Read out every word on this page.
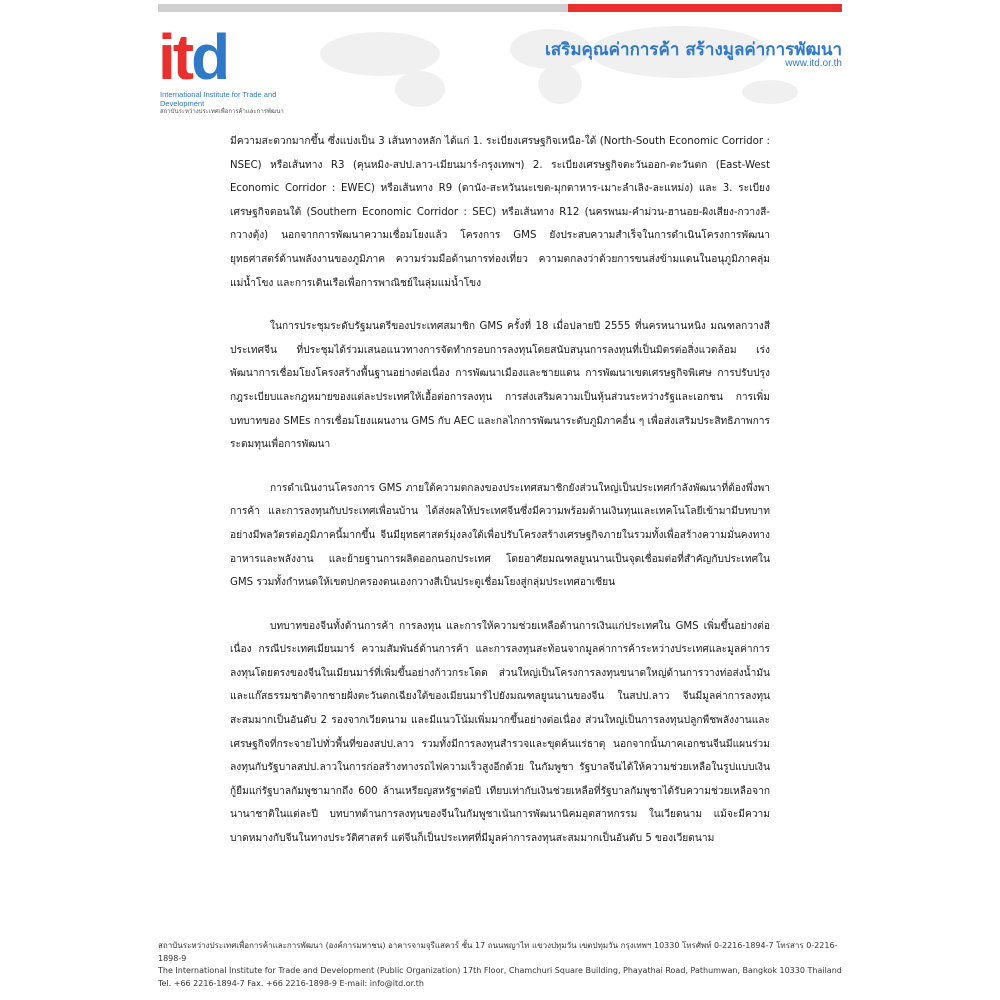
itd
International Institute for Trade and Development
สถาบันระหว่างประเทศเพื่อการค้าและการพัฒนา
เสริมคุณค่าการค้า สร้างมูลค่าการพัฒนา
www.itd.or.th

มีความสะดวกมากขึ้น ซึ่งแบ่งเป็น 3 เส้นทางหลัก ได้แก่ 1. ระเบียงเศรษฐกิจเหนือ-ใต้ (North-South Economic Corridor : NSEC) หรือเส้นทาง R3 (คุนหมิง-สปป.ลาว-เมียนมาร์-กรุงเทพฯ) 2. ระเบียงเศรษฐกิจตะวันออก-ตะวันตก (East-West Economic Corridor : EWEC) หรือเส้นทาง R9 (ดานัง-สะหวันนะเขต-มุกดาหาร-เมาะลำเลิง-ละแหม่ง) และ 3. ระเบียงเศรษฐกิจตอนใต้ (Southern Economic Corridor : SEC) หรือเส้นทาง R12 (นครพนม-คำม่วน-ฮานอย-ผิงเสียง-กวางสี-กวางตุ้ง) นอกจากการพัฒนาความเชื่อมโยงแล้ว โครงการ GMS ยังประสบความสำเร็จในการดำเนินโครงการพัฒนายุทธศาสตร์ด้านพลังงานของภูมิภาค ความร่วมมือด้านการท่องเที่ยว ความตกลงว่าด้วยการขนส่งข้ามแดนในอนุภูมิภาคลุ่มแม่น้ำโขง และการเดินเรือเพื่อการพาณิชย์ในลุ่มแม่น้ำโขง

ในการประชุมระดับรัฐมนตรีของประเทศสมาชิก GMS ครั้งที่ 18 เมื่อปลายปี 2555 ที่นครหนานหนิง มณฑลกวางสี ประเทศจีน ที่ประชุมได้ร่วมเสนอแนวทางการจัดทำกรอบการลงทุนโดยสนับสนุนการลงทุนที่เป็นมิตรต่อสิ่งแวดล้อม เร่งพัฒนาการเชื่อมโยงโครงสร้างพื้นฐานอย่างต่อเนื่อง การพัฒนาเมืองและชายแดน การพัฒนาเขตเศรษฐกิจพิเศษ การปรับปรุงกฎระเบียบและกฎหมายของแต่ละประเทศให้เอื้อต่อการลงทุน การส่งเสริมความเป็นหุ้นส่วนระหว่างรัฐและเอกชน การเพิ่มบทบาทของ SMEs การเชื่อมโยงแผนงาน GMS กับ AEC และกลไกการพัฒนาระดับภูมิภาคอื่น ๆ เพื่อส่งเสริมประสิทธิภาพการระดมทุนเพื่อการพัฒนา

การดำเนินงานโครงการ GMS ภายใต้ความตกลงของประเทศสมาชิกยังส่วนใหญ่เป็นประเทศกำลังพัฒนาที่ต้องพึ่งพาการค้า และการลงทุนกับประเทศเพื่อนบ้าน ได้ส่งผลให้ประเทศจีนซึ่งมีความพร้อมด้านเงินทุนและเทคโนโลยีเข้ามามีบทบาทอย่างมีพลวัตรต่อภูมิภาคนี้มากขึ้น จีนมียุทธศาสตร์มุ่งลงใต้เพื่อปรับโครงสร้างเศรษฐกิจภายในรวมทั้งเพื่อสร้างความมั่นคงทางอาหารและพลังงาน และย้ายฐานการผลิตออกนอกประเทศ โดยอาศัยมณฑลยูนนานเป็นจุดเชื่อมต่อที่สำคัญกับประเทศใน GMS รวมทั้งกำหนดให้เขตปกครองตนเองกวางสีเป็นประตูเชื่อมโยงสู่กลุ่มประเทศอาเซียน

บทบาทของจีนทั้งด้านการค้า การลงทุน และการให้ความช่วยเหลือด้านการเงินแก่ประเทศใน GMS เพิ่มขึ้นอย่างต่อเนื่อง กรณีประเทศเมียนมาร์ ความสัมพันธ์ด้านการค้า และการลงทุนสะท้อนจากมูลค่าการค้าระหว่างประเทศและมูลค่าการลงทุนโดยตรงของจีนในเมียนมาร์ที่เพิ่มขึ้นอย่างก้าวกระโดด ส่วนใหญ่เป็นโครงการลงทุนขนาดใหญ่ด้านการวางท่อส่งน้ำมันและแก๊สธรรมชาติจากชายฝั่งตะวันตกเฉียงใต้ของเมียนมาร์ไปยังมณฑลยูนนานของจีน ในสปป.ลาว จีนมีมูลค่าการลงทุนสะสมมากเป็นอันดับ 2 รองจากเวียดนาม และมีแนวโน้มเพิ่มมากขึ้นอย่างต่อเนื่อง ส่วนใหญ่เป็นการลงทุนปลูกพืชพลังงานและเศรษฐกิจที่กระจายไปทั่วพื้นที่ของสปป.ลาว รวมทั้งมีการลงทุนสำรวจและขุดค้นแร่ธาตุ นอกจากนั้นภาคเอกชนจีนมีแผนร่วมลงทุนกับรัฐบาลสปป.ลาวในการก่อสร้างทางรถไฟความเร็วสูงอีกด้วย ในกัมพูชา รัฐบาลจีนได้ให้ความช่วยเหลือในรูปแบบเงินกู้ยืมแก่รัฐบาลกัมพูชามากถึง 600 ล้านเหรียญสหรัฐฯต่อปี เทียบเท่ากับเงินช่วยเหลือที่รัฐบาลกัมพูชาได้รับความช่วยเหลือจากนานาชาติในแต่ละปี บทบาทด้านการลงทุนของจีนในกัมพูชาเน้นการพัฒนานิคมอุตสาหกรรม ในเวียดนาม แม้จะมีความบาดหมางกับจีนในทางประวัติศาสตร์ แต่จีนก็เป็นประเทศที่มีมูลค่าการลงทุนสะสมมากเป็นอันดับ 5 ของเวียดนาม

สถาบันระหว่างประเทศเพื่อการค้าและการพัฒนา (องค์การมหาชน) อาคารจามจุรีแสควร์ ชั้น 17 ถนนพญาไท แขวงปทุมวัน เขตปทุมวัน กรุงเทพฯ 10330 โทรศัพท์ 0-2216-1894-7 โทรสาร 0-2216-1898-9
The International Institute for Trade and Development (Public Organization) 17th Floor, Chamchuri Square Building, Phayathai Road, Pathumwan, Bangkok 10330 Thailand
Tel. +66 2216-1894-7 Fax. +66 2216-1898-9 E-mail: info@itd.or.th
